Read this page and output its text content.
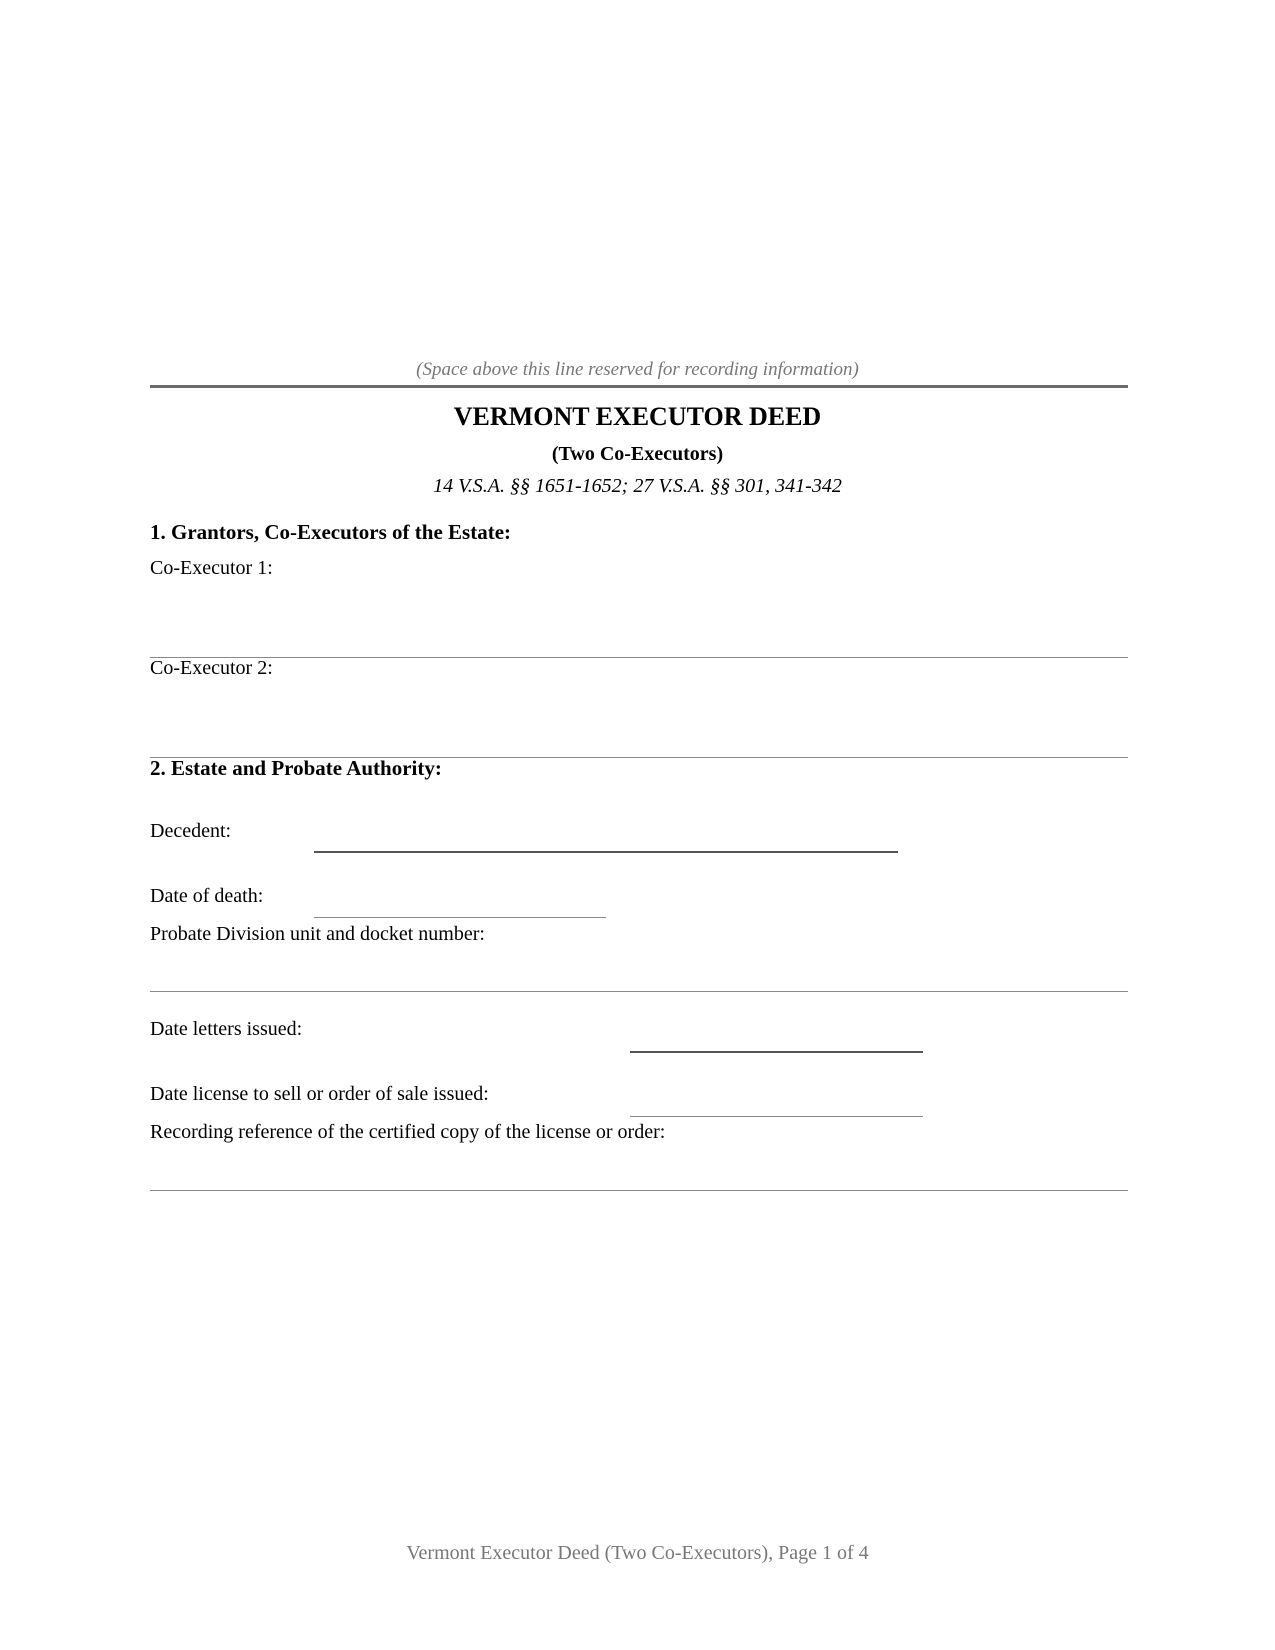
(Space above this line reserved for recording information)
VERMONT EXECUTOR DEED
(Two Co-Executors)
14 V.S.A. §§ 1651-1652; 27 V.S.A. §§ 301, 341-342
1. Grantors, Co-Executors of the Estate:
Co-Executor 1:
Co-Executor 2:
2. Estate and Probate Authority:
Decedent:
Date of death:
Probate Division unit and docket number:
Date letters issued:
Date license to sell or order of sale issued:
Recording reference of the certified copy of the license or order:
Vermont Executor Deed (Two Co-Executors), Page 1 of 4
